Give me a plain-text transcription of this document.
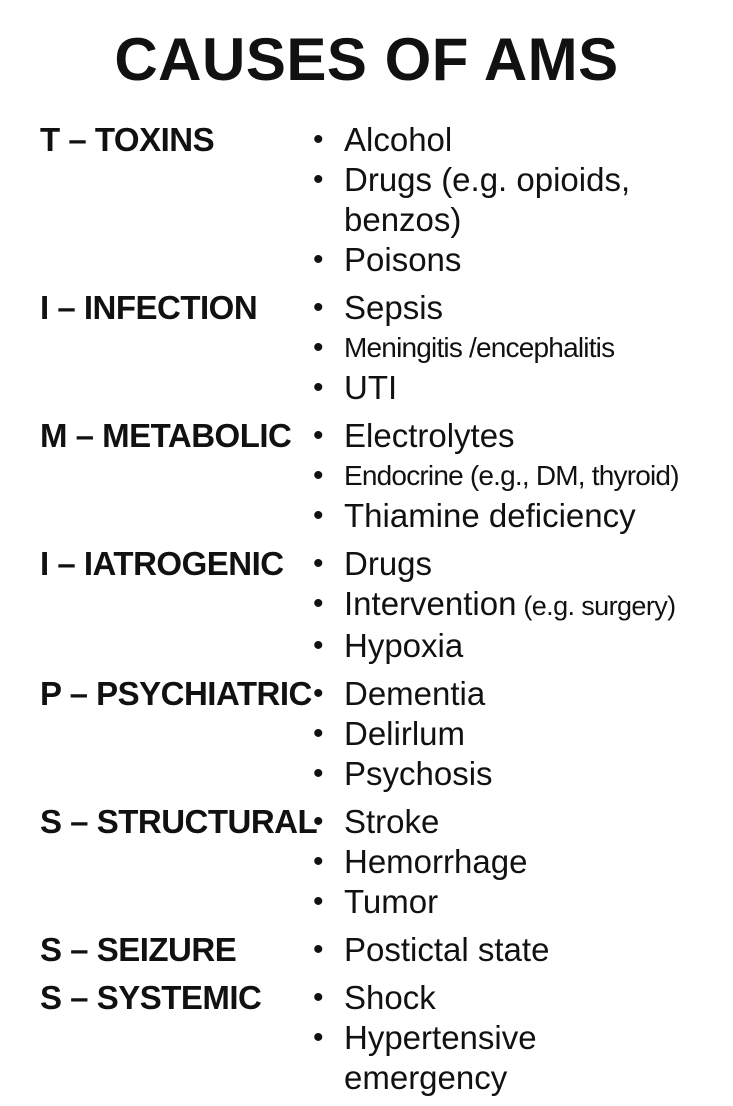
CAUSES OF AMS
T – TOXINS	• Alcohol
• Drugs (e.g. opioids, benzos)
• Poisons
I – INFECTION	• Sepsis
• Meningitis /encephalitis
• UTI
M – METABOLIC	• Electrolytes
• Endocrine (e.g., DM, thyroid)
• Thiamine deficiency
I – IATROGENIC	• Drugs
• Intervention (e.g. surgery)
• Hypoxia
P – PSYCHIATRIC • Dementia
• Delirlum
• Psychosis
S – STRUCTURAL • Stroke
• Hemorrhage
• Tumor
S – SEIZURE	• Postictal state
S – SYSTEMIC	• Shock
• Hypertensive emergency
